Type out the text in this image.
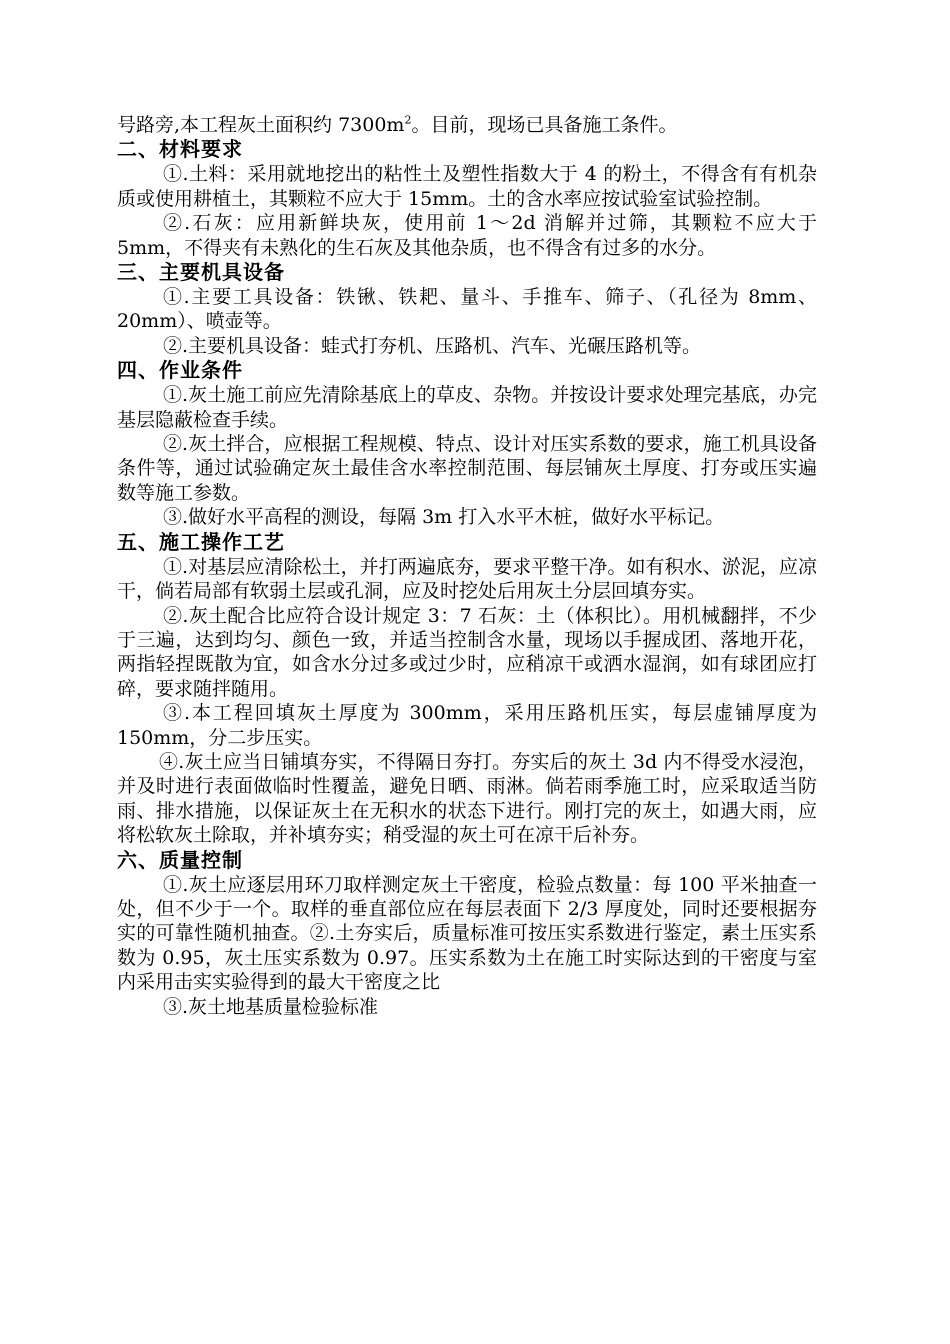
号路旁,本工程灰土面积约 $7300m^2$。目前，现场已具备施工条件。

二、材料要求

①.土料：采用就地挖出的粘性土及塑性指数大于 4 的粉土，不得含有有机杂质或使用耕植土，其颗粒不应大于 15mm。土的含水率应按试验室试验控制。

②.石灰：应用新鲜块灰，使用前 1～2d 消解并过筛，其颗粒不应大于 5mm，不得夹有未熟化的生石灰及其他杂质，也不得含有过多的水分。

三、主要机具设备

①.主要工具设备：铁锹、铁耙、量斗、手推车、筛子、（孔径为 8mm、20mm）、喷壶等。

②.主要机具设备：蛙式打夯机、压路机、汽车、光碾压路机等。

四、作业条件

①.灰土施工前应先清除基底上的草皮、杂物。并按设计要求处理完基底，办完基层隐蔽检查手续。

②.灰土拌合，应根据工程规模、特点、设计对压实系数的要求，施工机具设备条件等，通过试验确定灰土最佳含水率控制范围、每层铺灰土厚度、打夯或压实遍数等施工参数。

③.做好水平高程的测设，每隔 3m 打入水平木桩，做好水平标记。

五、施工操作工艺

①.对基层应清除松土，并打两遍底夯，要求平整干净。如有积水、淤泥，应凉干，倘若局部有软弱土层或孔洞，应及时挖处后用灰土分层回填夯实。

②.灰土配合比应符合设计规定 3：7 石灰：土（体积比）。用机械翻拌，不少于三遍，达到均匀、颜色一致，并适当控制含水量，现场以手握成团、落地开花，两指轻捏既散为宜，如含水分过多或过少时，应稍凉干或洒水湿润，如有球团应打碎，要求随拌随用。

③.本工程回填灰土厚度为 300mm，采用压路机压实，每层虚铺厚度为 150mm，分二步压实。

④.灰土应当日铺填夯实，不得隔日夯打。夯实后的灰土 3d 内不得受水浸泡，并及时进行表面做临时性覆盖，避免日晒、雨淋。倘若雨季施工时，应采取适当防雨、排水措施，以保证灰土在无积水的状态下进行。刚打完的灰土，如遇大雨，应将松软灰土除取，并补填夯实；稍受湿的灰土可在凉干后补夯。

六、质量控制

①.灰土应逐层用环刀取样测定灰土干密度，检验点数量：每 100 平米抽查一处，但不少于一个。取样的垂直部位应在每层表面下 2/3 厚度处，同时还要根据夯实的可靠性随机抽查。②.土夯实后，质量标准可按压实系数进行鉴定，素土压实系数为 0.95，灰土压实系数为 0.97。压实系数为土在施工时实际达到的干密度与室内采用击实实验得到的最大干密度之比

③.灰土地基质量检验标准
